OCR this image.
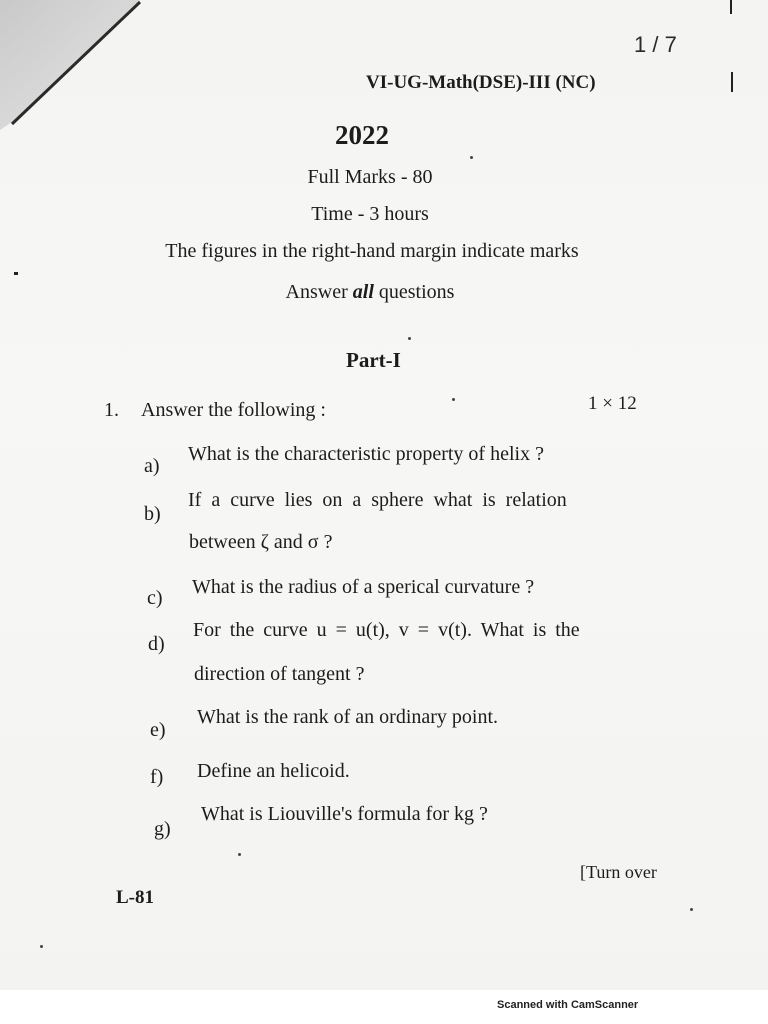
1 / 7
VI-UG-Math(DSE)-III (NC)
2022
Full Marks - 80
Time - 3 hours
The figures in the right-hand margin indicate marks
Answer all questions
Part-I
1. Answer the following :	1 × 12
a)
What is the characteristic property of helix ?
b)
If a curve lies on a sphere what is relation
between ζ and σ ?
c) What is the radius of a sperical curvature ?
d)
For the curve u = u(t), v = v(t). What is the
direction of tangent ?
e)
What is the rank of an ordinary point.
f) Define an helicoid.
g)
What is Liouville's formula for kg ?
[Turn over
L-81
Scanned with CamScanner
